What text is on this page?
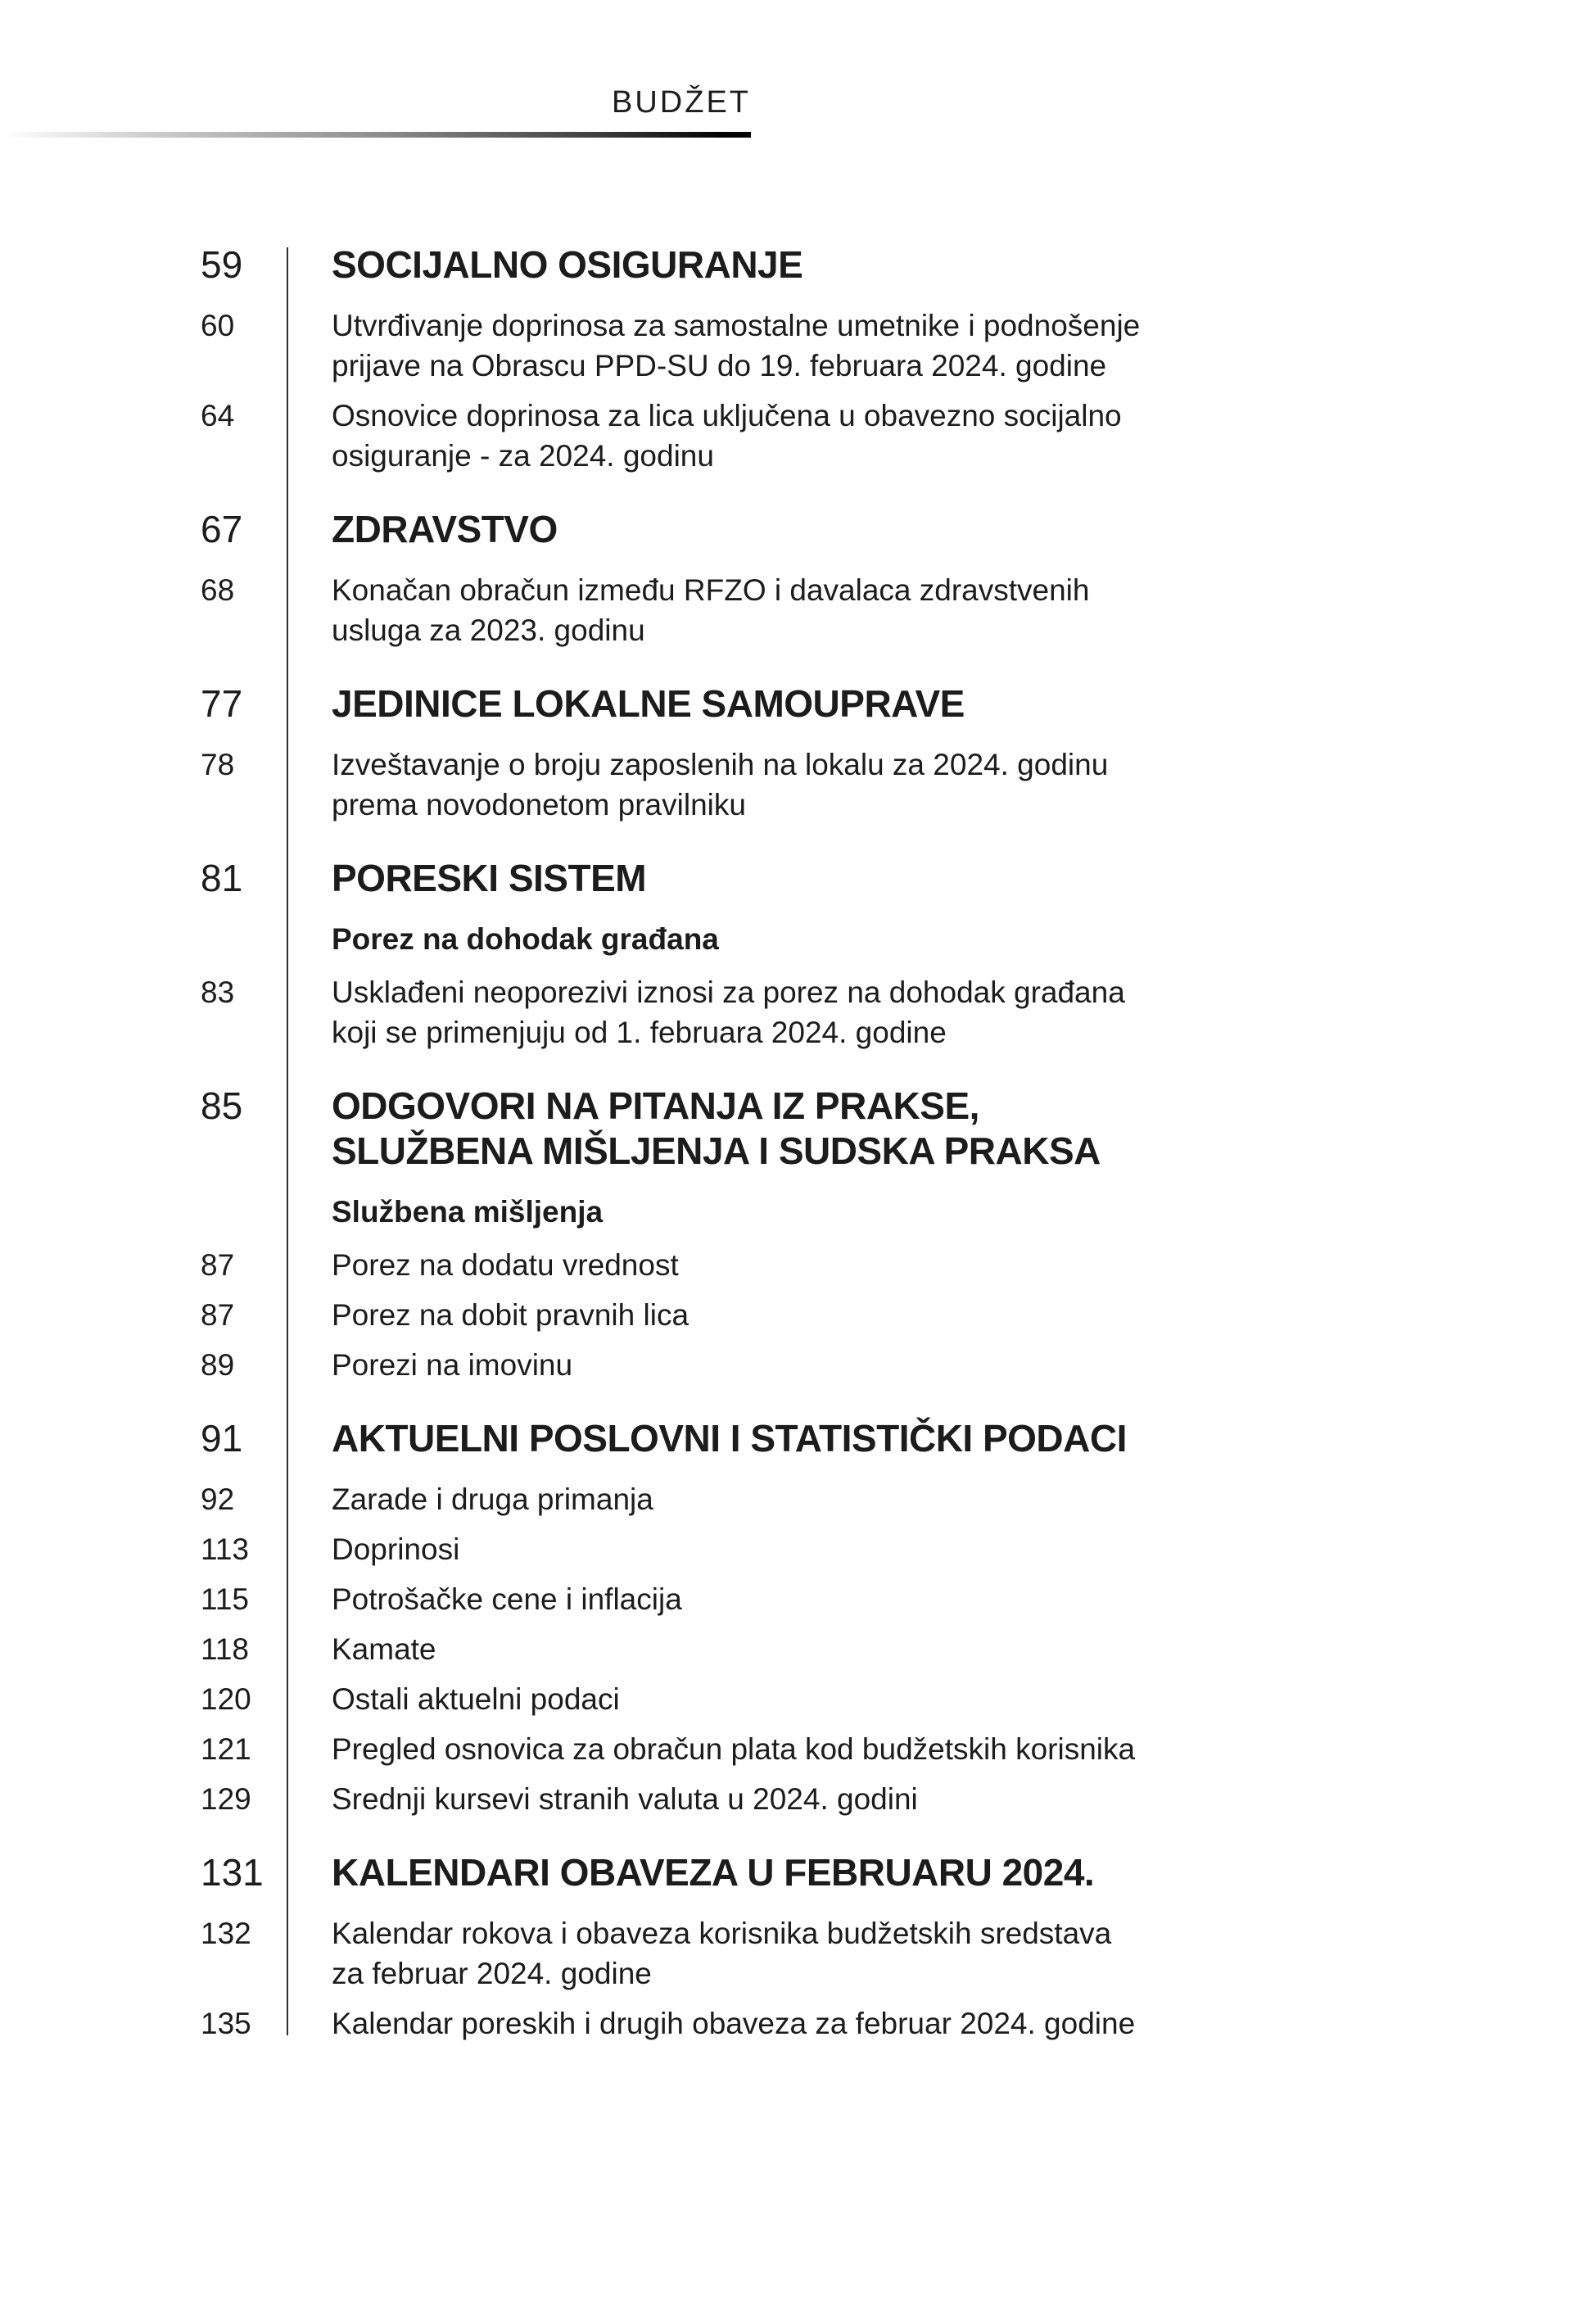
BUDŽET
59	SOCIJALNO OSIGURANJE
60	Utvrđivanje doprinosa za samostalne umetnike i podnošenje
prijave na Obrascu PPD-SU do 19. februara 2024. godine
64	Osnovice doprinosa za lica uključena u obavezno socijalno
osiguranje - za 2024. godinu
67	ZDRAVSTVO
68	Konačan obračun između RFZO i davalaca zdravstvenih
usluga za 2023. godinu
77	JEDINICE LOKALNE SAMOUPRAVE
78	Izveštavanje o broju zaposlenih na lokalu za 2024. godinu
prema novodonetom pravilniku
81	PORESKI SISTEM
Porez na dohodak građana
83	Usklađeni neoporezivi iznosi za porez na dohodak građana
koji se primenjuju od 1. februara 2024. godine
85	ODGOVORI NA PITANJA IZ PRAKSE,
SLUŽBENA MIŠLJENJA I SUDSKA PRAKSA
Službena mišljenja
87	Porez na dodatu vrednost
87	Porez na dobit pravnih lica
89	Porezi na imovinu
91	AKTUELNI POSLOVNI I STATISTIČKI PODACI
92	Zarade i druga primanja
113	Doprinosi
115	Potrošačke cene i inflacija
118	Kamate
120	Ostali aktuelni podaci
121	Pregled osnovica za obračun plata kod budžetskih korisnika
129	Srednji kursevi stranih valuta u 2024. godini
131	KALENDARI OBAVEZA U FEBRUARU 2024.
132	Kalendar rokova i obaveza korisnika budžetskih sredstava
za februar 2024. godine
135	Kalendar poreskih i drugih obaveza za februar 2024. godine
